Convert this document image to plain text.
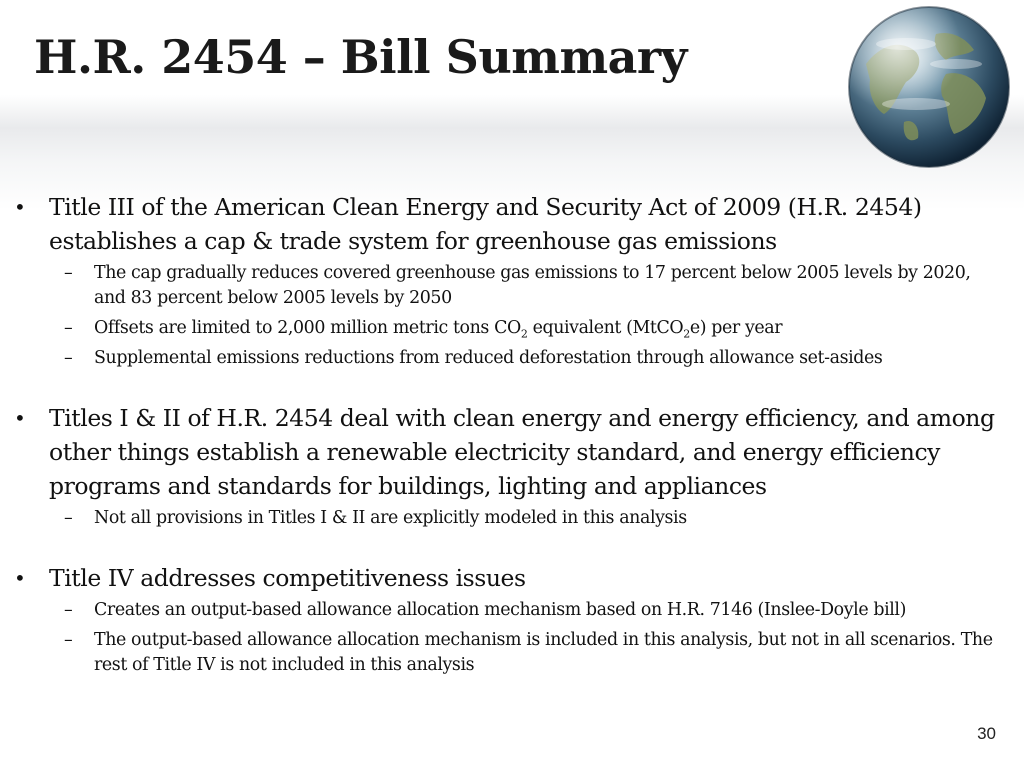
H.R. 2454 – Bill Summary

• Title III of the American Clean Energy and Security Act of 2009 (H.R. 2454) establishes a cap & trade system for greenhouse gas emissions

– The cap gradually reduces covered greenhouse gas emissions to 17 percent below 2005 levels by 2020, and 83 percent below 2005 levels by 2050
– Offsets are limited to 2,000 million metric tons $CO_2$ equivalent (MtCO$_2$e) per year
– Supplemental emissions reductions from reduced deforestation through allowance set-asides

• Titles I & II of H.R. 2454 deal with clean energy and energy efficiency, and among other things establish a renewable electricity standard, and energy efficiency programs and standards for buildings, lighting and appliances

– Not all provisions in Titles I & II are explicitly modeled in this analysis

• Title IV addresses competitiveness issues

– Creates an output-based allowance allocation mechanism based on H.R. 7146 (Inslee-Doyle bill)
– The output-based allowance allocation mechanism is included in this analysis, but not in all scenarios. The rest of Title IV is not included in this analysis
30
